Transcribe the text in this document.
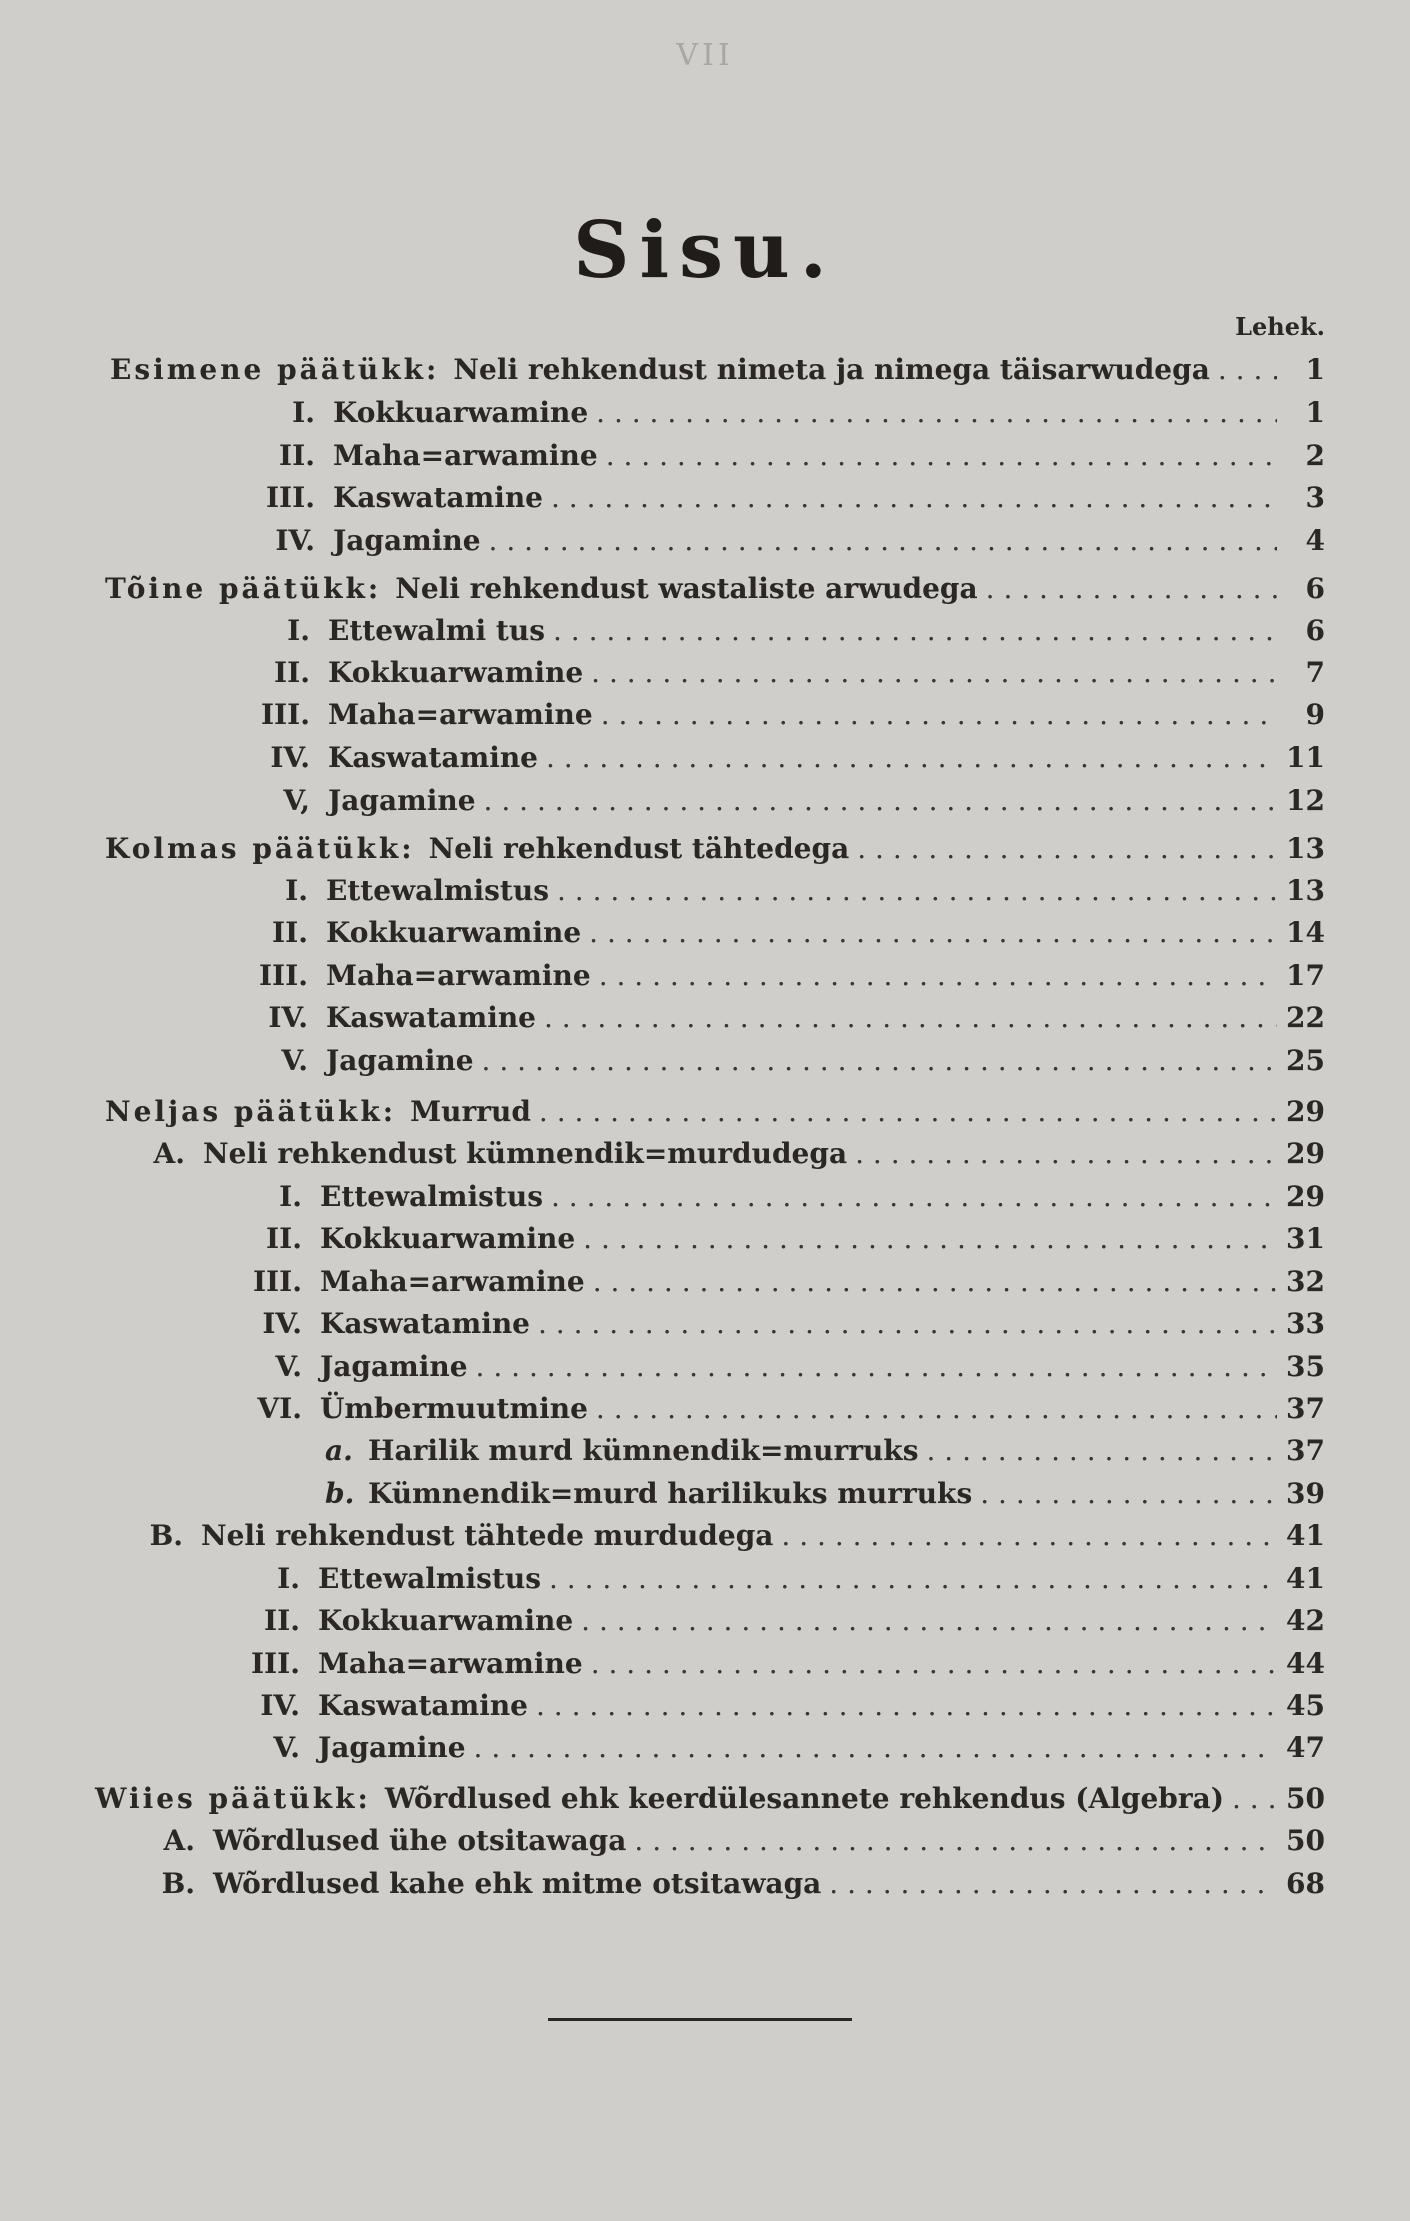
VII
Sisu.
Lehek.
Esimene päätükk: Neli rehkendust nimeta ja nimega täisarwudega . . .	1
I. Kokkuarwamine . . .	1
II. Maha=arwamine . . .	2
III. Kaswatamine . . .	3
IV. Jagamine . . .	4
Tõine päätükk: Neli rehkendust wastaliste arwudega . . .	6
I. Ettewalmi tus . . .	6
II. Kokkuarwamine . . .	7
III. Maha=arwamine . . .	9
IV. Kaswatamine . . .	11
V, Jagamine . . .	12
Kolmas päätükk: Neli rehkendust tähtedega . . .	13
I. Ettewalmistus . . .	13
II. Kokkuarwamine . . .	14
III. Maha=arwamine . . .	17
IV. Kaswatamine . . .	22
V. Jagamine . . .	25
Neljas päätükk: Murrud . . .	29
A. Neli rehkendust kümnendik=murdudega . . .	29
I. Ettewalmistus . . .	29
II. Kokkuarwamine . . .	31
III. Maha=arwamine . . .	32
IV. Kaswatamine . . .	33
V. Jagamine . . .	35
VI. Ümbermuutmine . . .	37
a. Harilik murd kümnendik=murruks . . .	37
b. Kümnendik=murd harilikuks murruks . . .	39
B. Neli rehkendust tähtede murdudega . . .	41
I. Ettewalmistus . . .	41
II. Kokkuarwamine . . .	42
III. Maha=arwamine . . .	44
IV. Kaswatamine . . .	45
V. Jagamine . . .	47
Wiies päätükk: Wõrdlused ehk keerdülesannete rehkendus (Algebra) . . . 50
A. Wõrdlused ühe otsitawaga . . .	50
B. Wõrdlused kahe ehk mitme otsitawaga . . .	68
